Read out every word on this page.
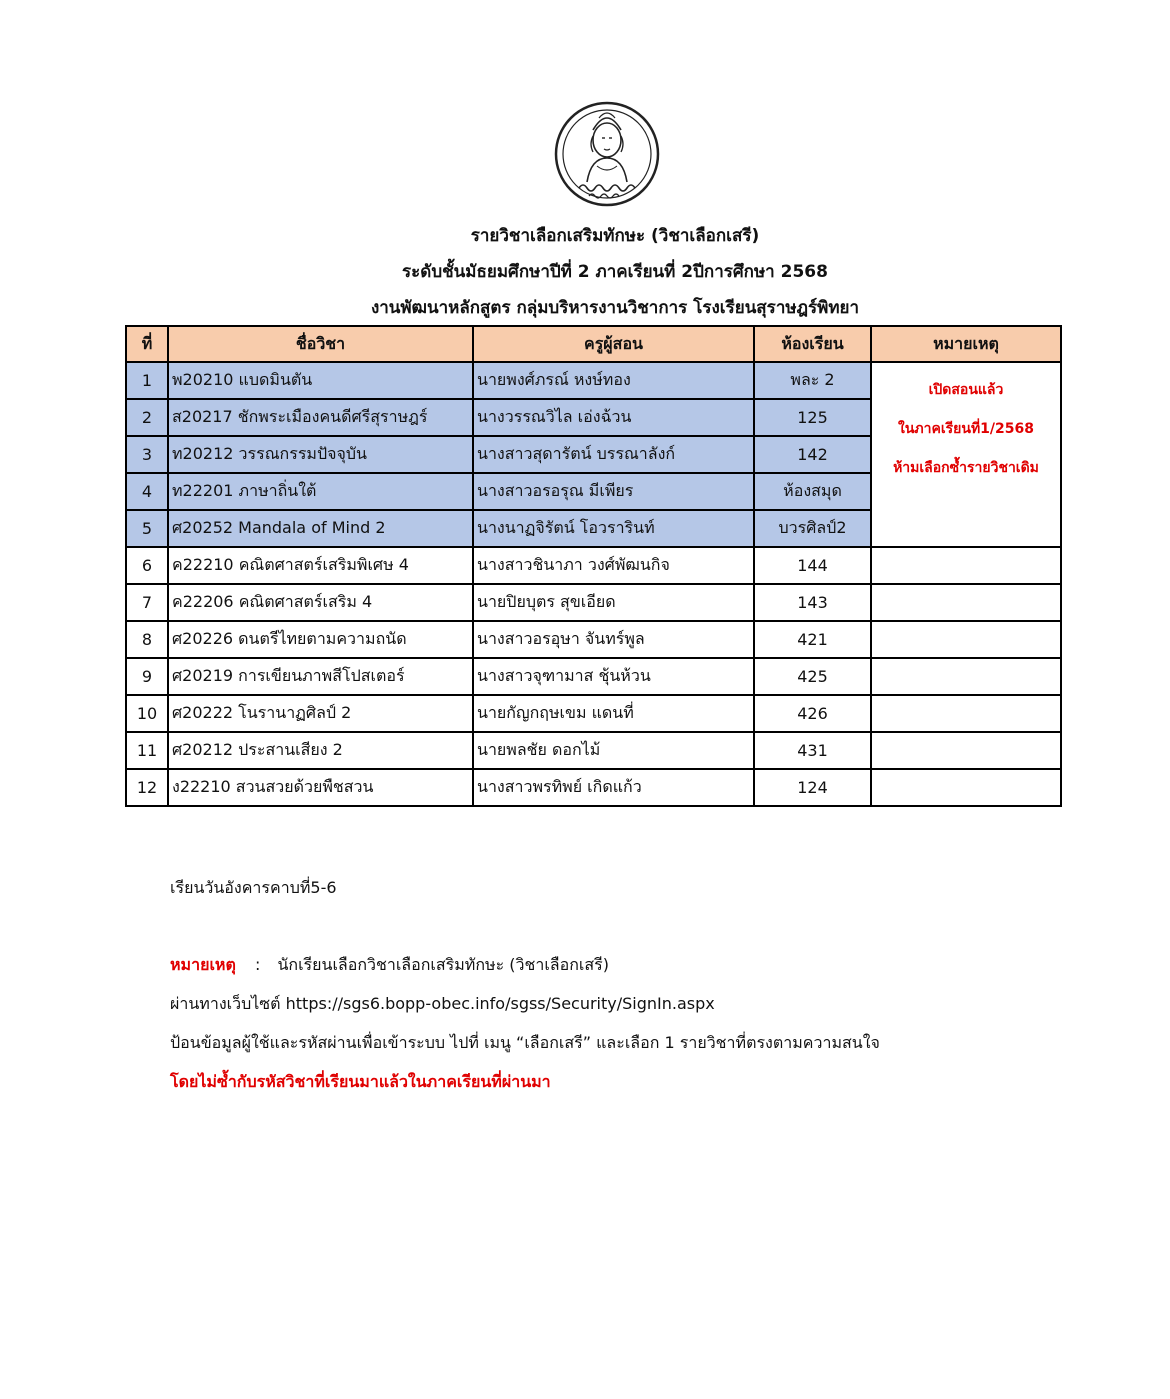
รายวิชาเลือกเสริมทักษะ (วิชาเลือกเสรี)
ระดับชั้นมัธยมศึกษาปีที่ 2 ภาคเรียนที่ 2ปีการศึกษา 2568
งานพัฒนาหลักสูตร กลุ่มบริหารงานวิชาการ โรงเรียนสุราษฎร์พิทยา
ที่	ชื่อวิชา	ครูผู้สอน	ห้องเรียน	หมายเหตุ
1	พ20210 แบดมินตัน	นายพงศ์ภรณ์ หงษ์ทอง	พละ 2	เปิดสอนแล้ว
ในภาคเรียนที่1/2568
ห้ามเลือกซ้ำรายวิชาเดิม

2	ส20217 ชักพระเมืองคนดีศรีสุราษฎร์	นางวรรณวิไล เอ่งฉ้วน	125	
3	ท20212 วรรณกรรมปัจจุบัน	นางสาวสุดารัตน์ บรรณาลังก์	142	
4	ท22201 ภาษาถิ่นใต้	นางสาวอรอรุณ มีเพียร	ห้องสมุด	
5	ศ20252 Mandala of Mind 2	นางนาฏจิรัตน์ โอวรารินท์	บวรศิลป์2	
6	ค22210 คณิตศาสตร์เสริมพิเศษ 4	นางสาวชินาภา วงศ์พัฒนกิจ	144	
7	ค22206 คณิตศาสตร์เสริม 4	นายปิยบุตร สุขเอียด	143	
8	ศ20226 ดนตรีไทยตามความถนัด	นางสาวอรอุษา จันทร์พูล	421	
9	ศ20219 การเขียนภาพสีโปสเตอร์	นางสาวจุฑามาส ชุ้นห้วน	425	
10	ศ20222 โนรานาฏศิลป์ 2	นายกัญกฤษเขม แดนที่	426	
11	ศ20212 ประสานเสียง 2	นายพลชัย ดอกไม้	431	
12	ง22210 สวนสวยด้วยพืชสวน	นางสาวพรทิพย์ เกิดแก้ว	124	
เรียนวันอังคารคาบที่5-6
หมายเหตุ : นักเรียนเลือกวิชาเลือกเสริมทักษะ (วิชาเลือกเสรี)
ผ่านทางเว็บไซต์ https://sgs6.bopp-obec.info/sgss/Security/SignIn.aspx
ป้อนข้อมูลผู้ใช้และรหัสผ่านเพื่อเข้าระบบ ไปที่ เมนู “เลือกเสรี” และเลือก 1 รายวิชาที่ตรงตามความสนใจ
โดยไม่ซ้ำกับรหัสวิชาที่เรียนมาแล้วในภาคเรียนที่ผ่านมา
